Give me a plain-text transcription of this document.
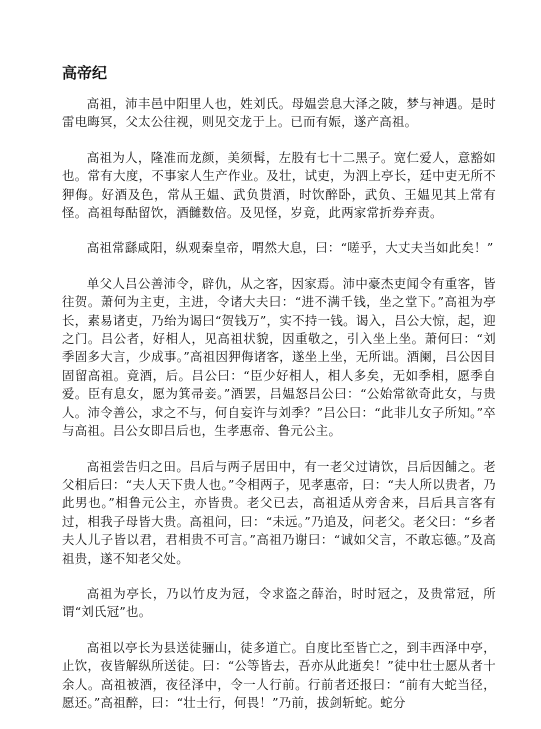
高帝纪

高祖，沛丰邑中阳里人也，姓刘氏。母媪尝息大泽之陂，梦与神遇。是时雷电晦冥，父太公往视，则见交龙于上。已而有娠，遂产高祖。

高祖为人，隆准而龙颜，美须髯，左股有七十二黑子。宽仁爱人，意豁如也。常有大度，不事家人生产作业。及壮，试吏，为泗上亭长，廷中吏无所不狎侮。好酒及色，常从王媪、武负贳酒，时饮醉卧，武负、王媪见其上常有怪。高祖每酤留饮，酒雠数倍。及见怪，岁竟，此两家常折券弃责。

高祖常繇咸阳，纵观秦皇帝，喟然大息，曰：“嗟乎，大丈夫当如此矣！”

单父人吕公善沛令，辟仇，从之客，因家焉。沛中豪杰吏闻令有重客，皆往贺。萧何为主吏，主进，令诸大夫曰：“进不满千钱，坐之堂下。”高祖为亭长，素易诸吏，乃绐为谒曰“贺钱万”，实不持一钱。谒入，吕公大惊，起，迎之门。吕公者，好相人，见高祖状貌，因重敬之，引入坐上坐。萧何曰：“刘季固多大言，少成事。”高祖因狎侮诸客，遂坐上坐，无所诎。酒阑，吕公因目固留高祖。竟酒，后。吕公曰：“臣少好相人，相人多矣，无如季相，愿季自爱。臣有息女，愿为箕帚妾。”酒罢，吕媪怒吕公曰：“公始常欲奇此女，与贵人。沛令善公，求之不与，何自妄许与刘季？”吕公曰：“此非儿女子所知。”卒与高祖。吕公女即吕后也，生孝惠帝、鲁元公主。

高祖尝告归之田。吕后与两子居田中，有一老父过请饮，吕后因餔之。老父相后曰：“夫人天下贵人也。”令相两子，见孝惠帝，曰：“夫人所以贵者，乃此男也。”相鲁元公主，亦皆贵。老父已去，高祖适从旁舍来，吕后具言客有过，相我子母皆大贵。高祖问，曰：“未远。”乃追及，问老父。老父曰：“乡者夫人儿子皆以君，君相贵不可言。”高祖乃谢曰：“诚如父言，不敢忘德。”及高祖贵，遂不知老父处。

高祖为亭长，乃以竹皮为冠，令求盗之薛治，时时冠之，及贵常冠，所谓“刘氏冠”也。

高祖以亭长为县送徒骊山，徒多道亡。自度比至皆亡之，到丰西泽中亭，止饮，夜皆解纵所送徒。曰：“公等皆去，吾亦从此逝矣！”徒中壮士愿从者十余人。高祖被酒，夜径泽中，令一人行前。行前者还报曰：“前有大蛇当径，愿还。”高祖醉，曰：“壮士行，何畏！”乃前，拔剑斩蛇。蛇分
